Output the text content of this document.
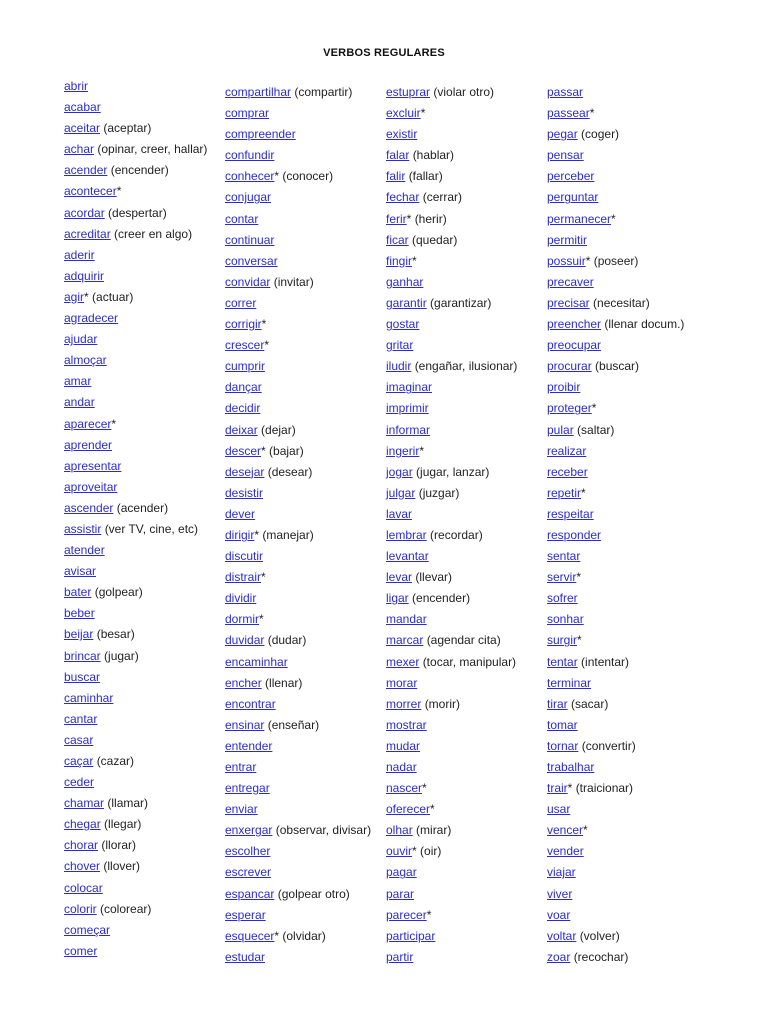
VERBOS REGULARES
abrir
acabar
aceitar (aceptar)
achar (opinar, creer, hallar)
acender (encender)
acontecer*
acordar (despertar)
acreditar (creer en algo)
aderir
adquirir
agir* (actuar)
agradecer
ajudar
almoçar
amar
andar
aparecer*
aprender
apresentar
aproveitar
ascender (acender)
assistir (ver TV, cine, etc)
atender
avisar
bater (golpear)
beber
beijar (besar)
brincar (jugar)
buscar
caminhar
cantar
casar
caçar (cazar)
ceder
chamar (llamar)
chegar (llegar)
chorar (llorar)
chover (llover)
colocar
colorir (colorear)
começar
comer
compartilhar (compartir)
comprar
compreender
confundir
conhecer* (conocer)
conjugar
contar
continuar
conversar
convidar (invitar)
correr
corrigir*
crescer*
cumprir
dançar
decidir
deixar (dejar)
descer* (bajar)
desejar (desear)
desistir
dever
dirigir* (manejar)
discutir
distrair*
dividir
dormir*
duvidar (dudar)
encaminhar
encher (llenar)
encontrar
ensinar (enseñar)
entender
entrar
entregar
enviar
enxergar (observar, divisar)
escolher
escrever
espancar (golpear otro)
esperar
esquecer* (olvidar)
estudar
estuprar (violar otro)
excluir*
existir
falar (hablar)
falir (fallar)
fechar (cerrar)
ferir* (herir)
ficar (quedar)
fingir*
ganhar
garantir (garantizar)
gostar
gritar
iludir (engañar, ilusionar)
imaginar
imprimir
informar
ingerir*
jogar (jugar, lanzar)
julgar (juzgar)
lavar
lembrar (recordar)
levantar
levar (llevar)
ligar (encender)
mandar
marcar (agendar cita)
mexer (tocar, manipular)
morar
morrer (morir)
mostrar
mudar
nadar
nascer*
oferecer*
olhar (mirar)
ouvir* (oir)
pagar
parar
parecer*
participar
partir
passar
passear*
pegar (coger)
pensar
perceber
perguntar
permanecer*
permitir
possuir* (poseer)
precaver
precisar (necesitar)
preencher (llenar docum.)
preocupar
procurar (buscar)
proibir
proteger*
pular (saltar)
realizar
receber
repetir*
respeitar
responder
sentar
servir*
sofrer
sonhar
surgir*
tentar (intentar)
terminar
tirar (sacar)
tomar
tornar (convertir)
trabalhar
trair* (traicionar)
usar
vencer*
vender
viajar
viver
voar
voltar (volver)
zoar (recochar)
